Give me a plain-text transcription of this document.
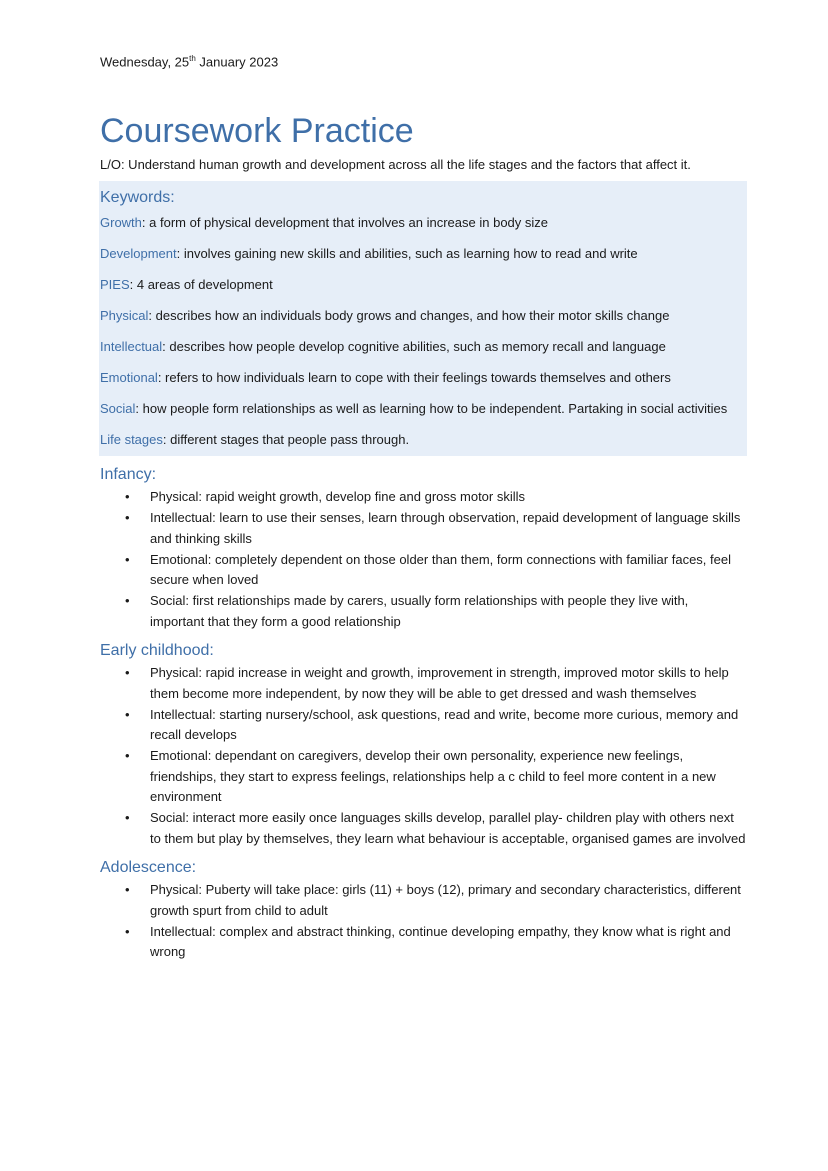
Wednesday, 25th January 2023

Coursework Practice

L/O: Understand human growth and development across all the life stages and the factors that affect it.

Keywords:

Growth: a form of physical development that involves an increase in body size

Development: involves gaining new skills and abilities, such as learning how to read and write

PIES: 4 areas of development

Physical: describes how an individuals body grows and changes, and how their motor skills change

Intellectual: describes how people develop cognitive abilities, such as memory recall and language

Emotional: refers to how individuals learn to cope with their feelings towards themselves and others

Social: how people form relationships as well as learning how to be independent. Partaking in social activities

Life stages: different stages that people pass through.

Infancy:
• Physical: rapid weight growth, develop fine and gross motor skills
• Intellectual: learn to use their senses, learn through observation, repaid development of language skills and thinking skills
• Emotional: completely dependent on those older than them, form connections with familiar faces, feel secure when loved
• Social: first relationships made by carers, usually form relationships with people they live with, important that they form a good relationship
Early childhood:
• Physical: rapid increase in weight and growth, improvement in strength, improved motor skills to help them become more independent, by now they will be able to get dressed and wash themselves
• Intellectual: starting nursery/school, ask questions, read and write, become more curious, memory and recall develops
• Emotional: dependant on caregivers, develop their own personality, experience new feelings, friendships, they start to express feelings, relationships help a c child to feel more content in a new environment
• Social: interact more easily once languages skills develop, parallel play- children play with others next to them but play by themselves, they learn what behaviour is acceptable, organised games are involved
Adolescence:
• Physical: Puberty will take place: girls (11) + boys (12), primary and secondary characteristics, different growth spurt from child to adult
• Intellectual: complex and abstract thinking, continue developing empathy, they know what is right and wrong
